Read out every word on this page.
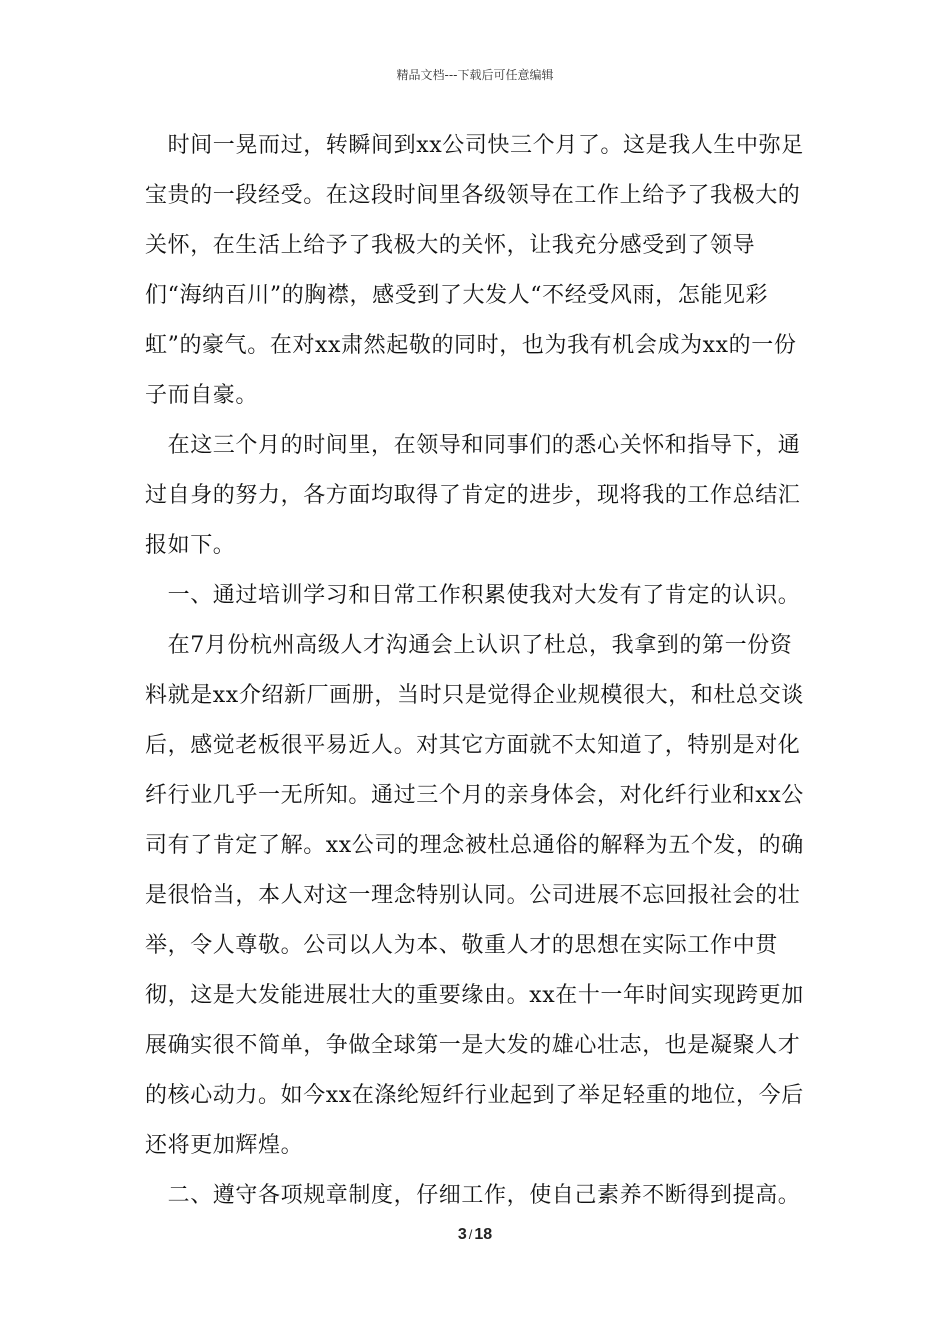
精品文档---下载后可任意编辑

　时间一晃而过，转瞬间到xx公司快三个月了。这是我人生中弥足宝贵的一段经受。在这段时间里各级领导在工作上给予了我极大的关怀，在生活上给予了我极大的关怀，让我充分感受到了领导们“海纳百川”的胸襟，感受到了大发人“不经受风雨，怎能见彩虹”的豪气。在对xx肃然起敬的同时，也为我有机会成为xx的一份子而自豪。

　在这三个月的时间里，在领导和同事们的悉心关怀和指导下，通过自身的努力，各方面均取得了肯定的进步，现将我的工作总结汇报如下。

　一、通过培训学习和日常工作积累使我对大发有了肯定的认识。

　在7月份杭州高级人才沟通会上认识了杜总，我拿到的第一份资料就是xx介绍新厂画册，当时只是觉得企业规模很大，和杜总交谈后，感觉老板很平易近人。对其它方面就不太知道了，特别是对化纤行业几乎一无所知。通过三个月的亲身体会，对化纤行业和xx公司有了肯定了解。xx公司的理念被杜总通俗的解释为五个发，的确是很恰当，本人对这一理念特别认同。公司进展不忘回报社会的壮举，令人尊敬。公司以人为本、敬重人才的思想在实际工作中贯彻，这是大发能进展壮大的重要缘由。xx在十一年时间实现跨更加展确实很不简单，争做全球第一是大发的雄心壮志，也是凝聚人才的核心动力。如今xx在涤纶短纤行业起到了举足轻重的地位，今后还将更加辉煌。

　二、遵守各项规章制度，仔细工作，使自己素养不断得到提高。

3 / 18
